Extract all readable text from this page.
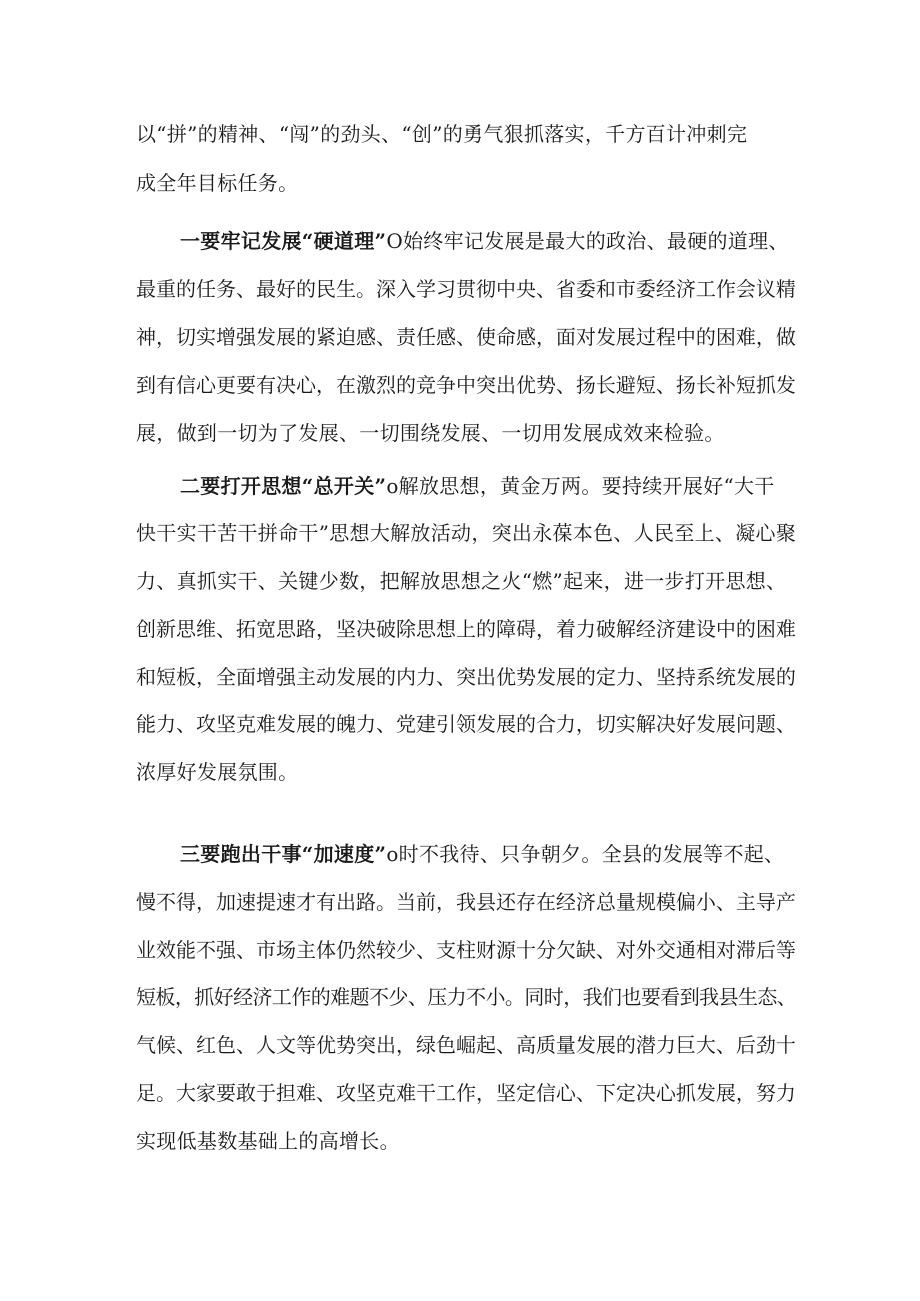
以“拼”的精神、“闯”的劲头、“创”的勇气狠抓落实，千方百计冲刺完
成全年目标任务。
一要牢记发展“硬道理”O始终牢记发展是最大的政治、最硬的道理、
最重的任务、最好的民生。深入学习贯彻中央、省委和市委经济工作会议精
神，切实增强发展的紧迫感、责任感、使命感，面对发展过程中的困难，做
到有信心更要有决心，在激烈的竞争中突出优势、扬长避短、扬长补短抓发
展，做到一切为了发展、一切围绕发展、一切用发展成效来检验。
二要打开思想“总开关”o解放思想，黄金万两。要持续开展好“大干
快干实干苦干拼命干”思想大解放活动，突出永葆本色、人民至上、凝心聚
力、真抓实干、关键少数，把解放思想之火“燃”起来，进一步打开思想、
创新思维、拓宽思路，坚决破除思想上的障碍，着力破解经济建设中的困难
和短板，全面增强主动发展的内力、突出优势发展的定力、坚持系统发展的
能力、攻坚克难发展的魄力、党建引领发展的合力，切实解决好发展问题、
浓厚好发展氛围。
三要跑出干事“加速度”o时不我待、只争朝夕。全县的发展等不起、
慢不得，加速提速才有出路。当前，我县还存在经济总量规模偏小、主导产
业效能不强、市场主体仍然较少、支柱财源十分欠缺、对外交通相对滞后等
短板，抓好经济工作的难题不少、压力不小。同时，我们也要看到我县生态、
气候、红色、人文等优势突出，绿色崛起、高质量发展的潜力巨大、后劲十
足。大家要敢于担难、攻坚克难干工作，坚定信心、下定决心抓发展，努力
实现低基数基础上的高增长。
